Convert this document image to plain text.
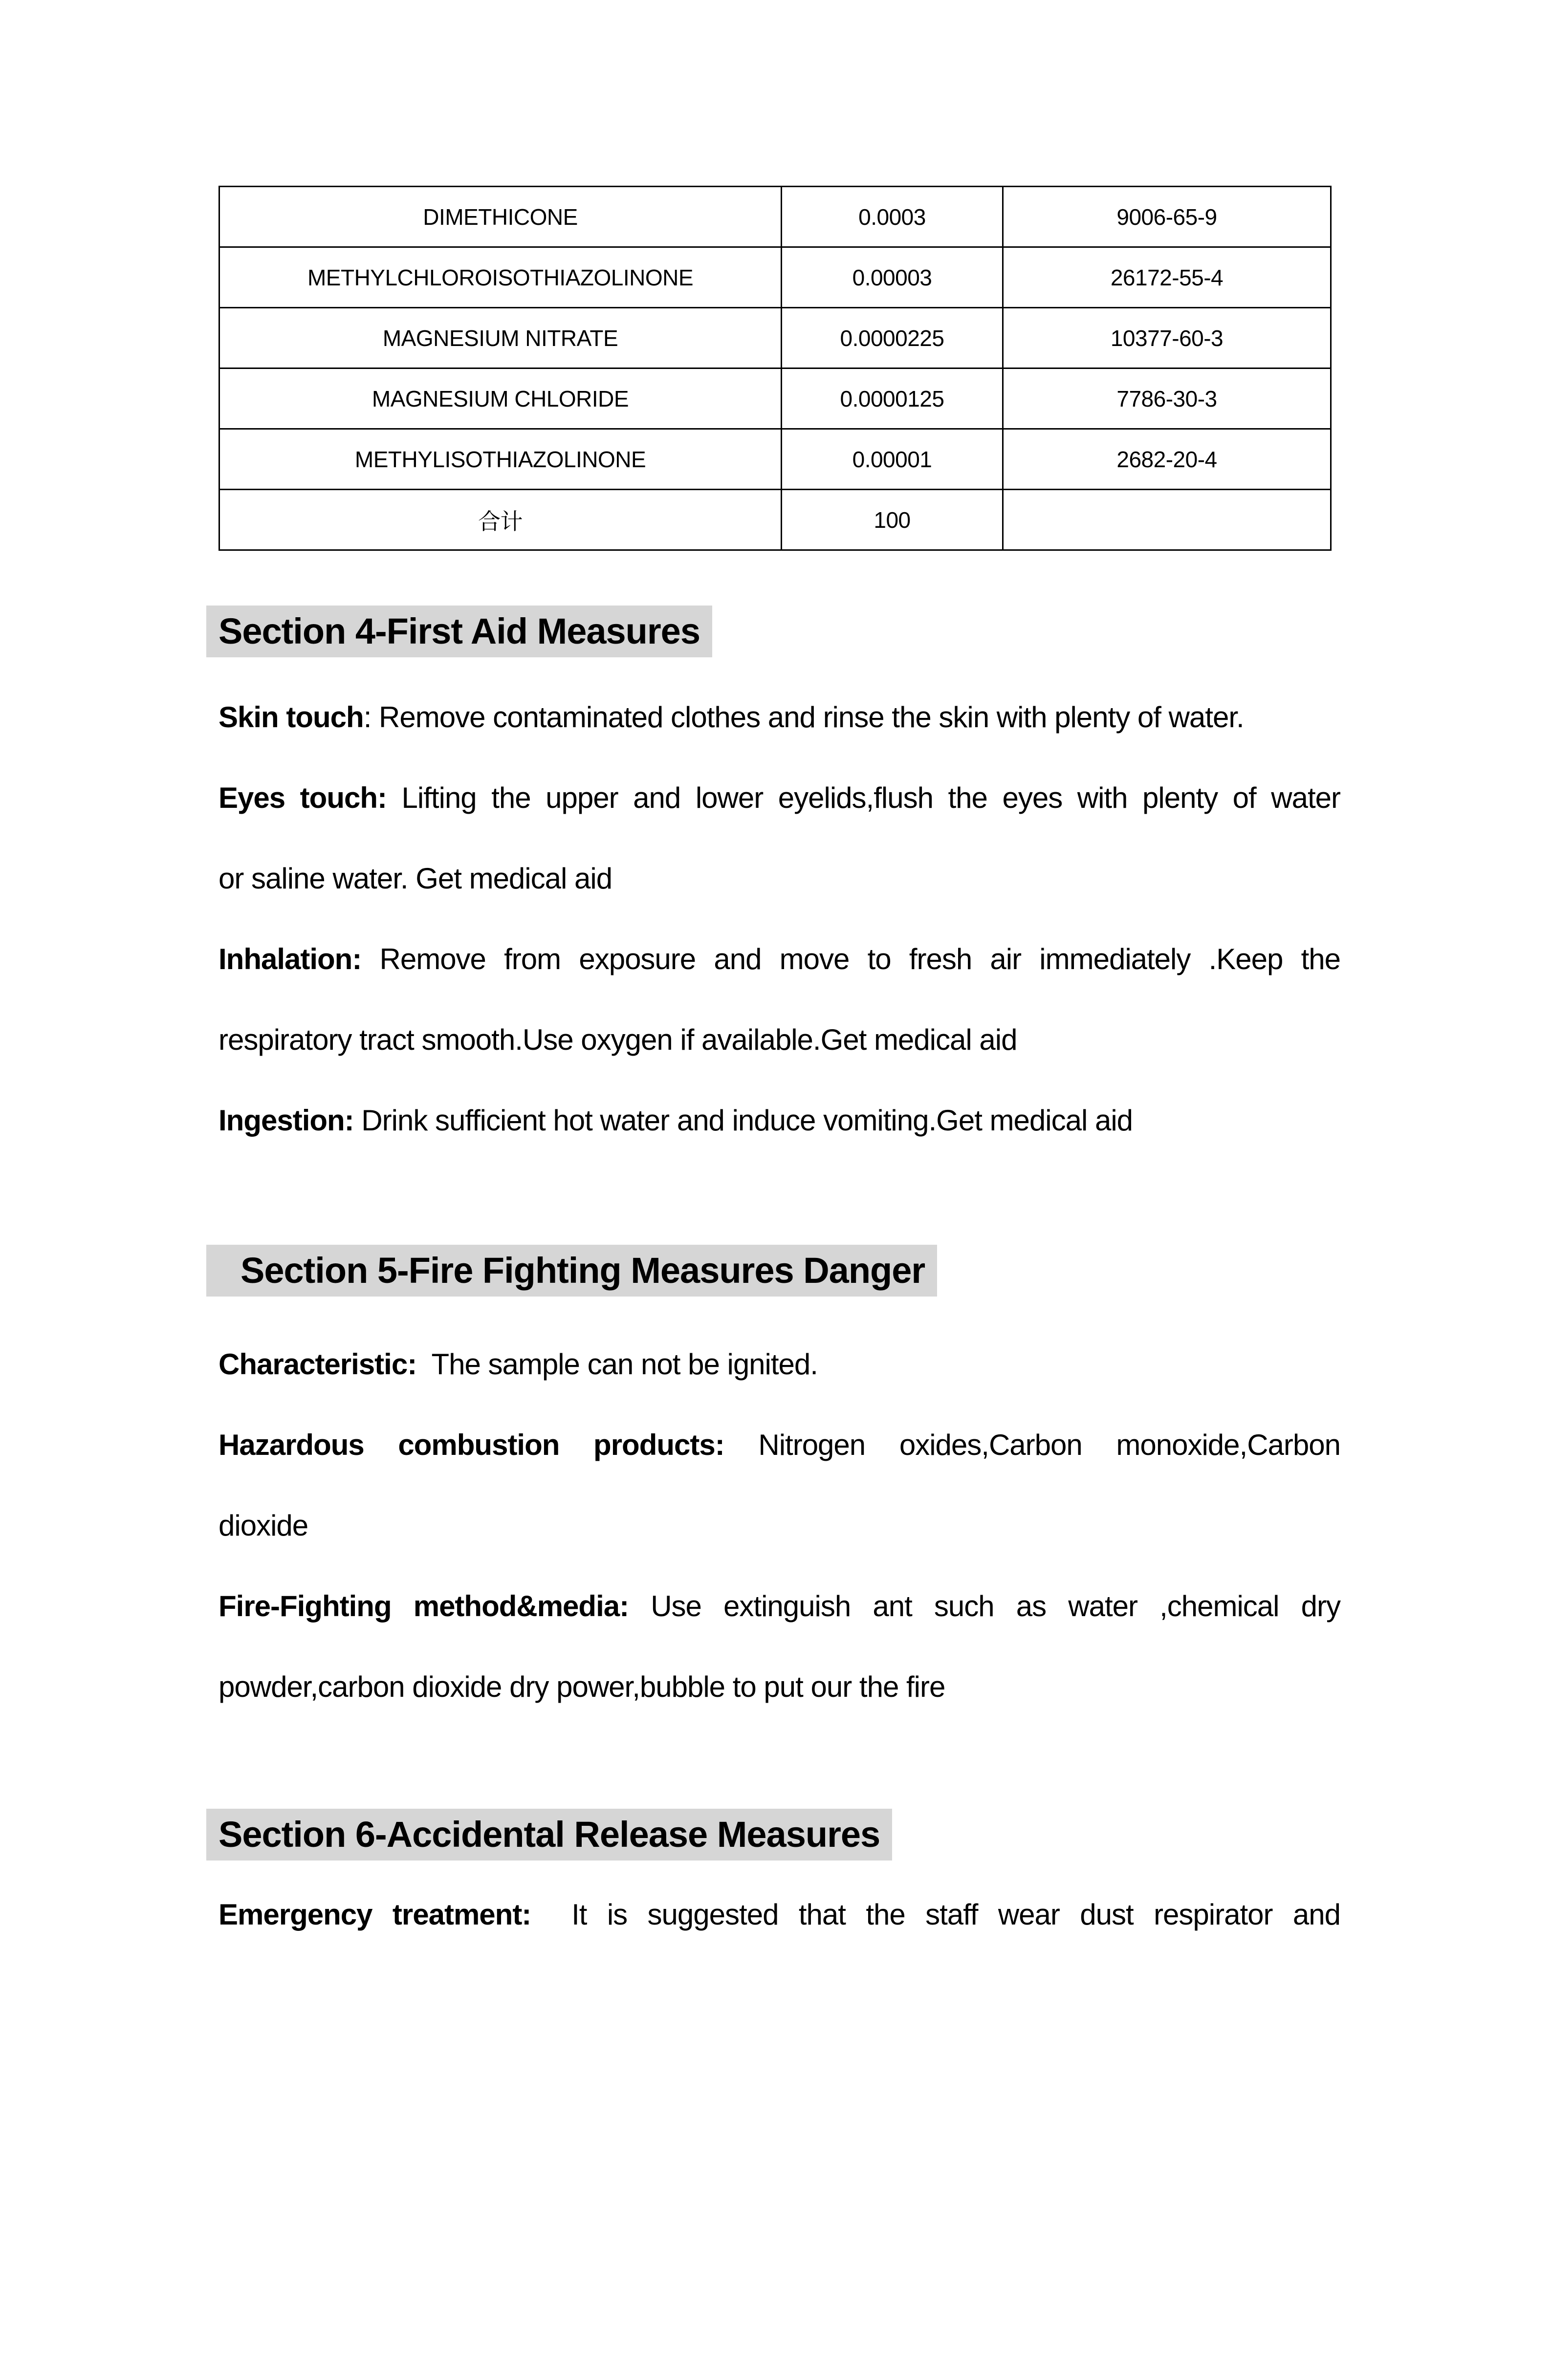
DIMETHICONE	0.0003	9006-65-9
METHYLCHLOROISOTHIAZOLINONE	0.00003	26172-55-4
MAGNESIUM NITRATE	0.0000225	10377-60-3
MAGNESIUM CHLORIDE	0.0000125	7786-30-3
METHYLISOTHIAZOLINONE	0.00001	2682-20-4
合计	100	
Section 4-First Aid Measures
Skin touch: Remove contaminated clothes and rinse the skin with plenty of water.
Eyes touch: Lifting the upper and lower eyelids,flush the eyes with plenty of water
or saline water. Get medical aid
Inhalation: Remove from exposure and move to fresh air immediately .Keep the
respiratory tract smooth.Use oxygen if available.Get medical aid
Ingestion: Drink sufficient hot water and induce vomiting.Get medical aid
Section 5-Fire Fighting Measures Danger
Characteristic:  The sample can not be ignited.
Hazardous combustion products: Nitrogen oxides,Carbon monoxide,Carbon
dioxide
Fire-Fighting method&media: Use extinguish ant such as water ,chemical dry
powder,carbon dioxide dry power,bubble to put our the fire
Section 6-Accidental Release Measures
Emergency treatment:  It is suggested that the staff wear dust respirator and
